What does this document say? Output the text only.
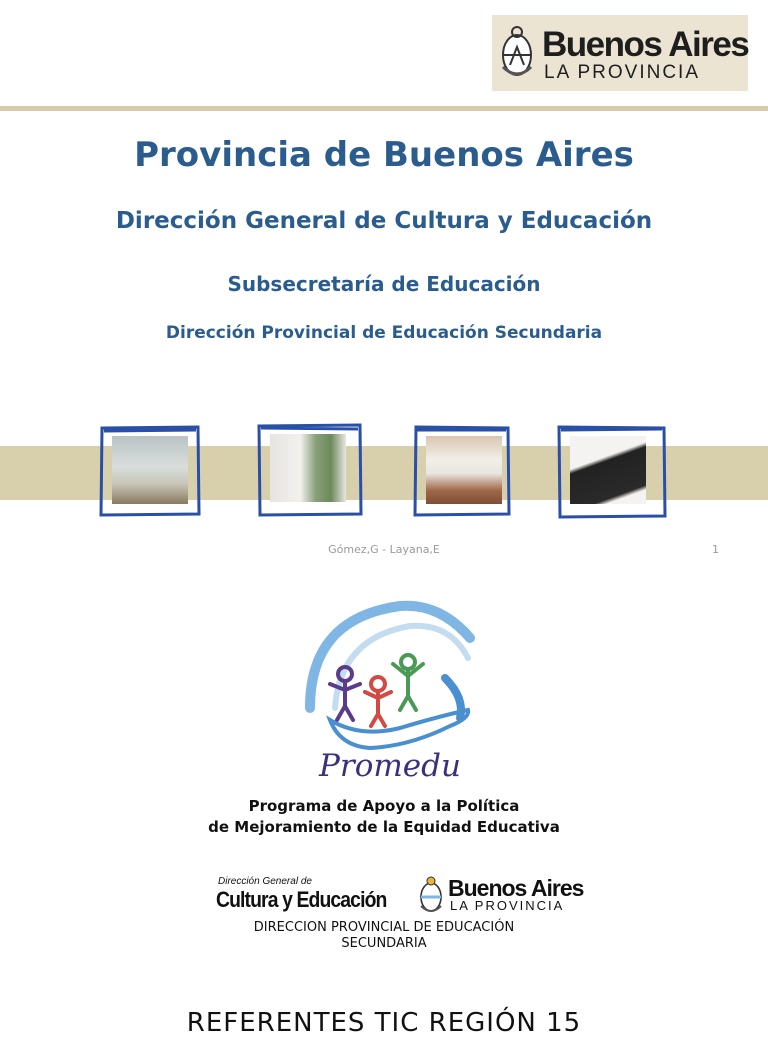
Buenos Aires
LA PROVINCIA
Provincia de Buenos Aires
Dirección General de Cultura y Educación
Subsecretaría de Educación
Dirección Provincial de Educación Secundaria
Gómez,G - Layana,E	1
Promedu
Programa de Apoyo a la Política
de Mejoramiento de la Equidad Educativa
Dirección General de
Cultura y Educación	Buenos Aires
LA PROVINCIA
DIRECCION PROVINCIAL DE EDUCACIÓN
SECUNDARIA
REFERENTES TIC REGIÓN 15
